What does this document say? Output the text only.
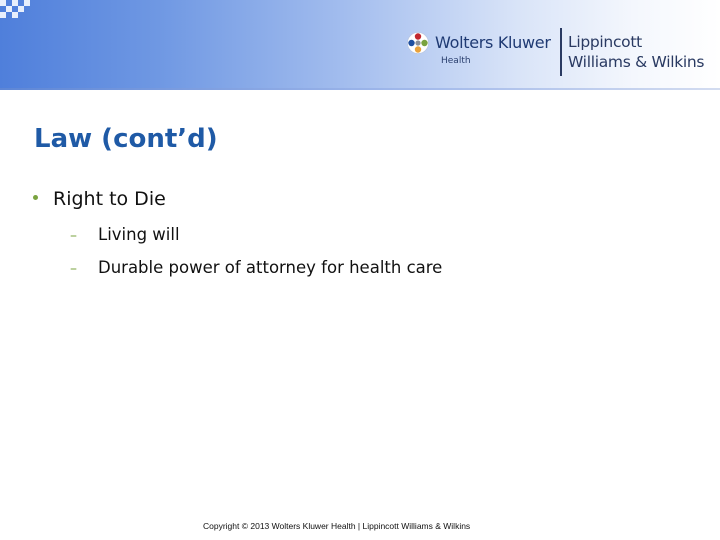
Wolters Kluwer
Health
Lippincott
Williams & Wilkins
Law (cont’d)
Right to Die
– Living will
– Durable power of attorney for health care
Copyright © 2013 Wolters Kluwer Health | Lippincott Williams & Wilkins
